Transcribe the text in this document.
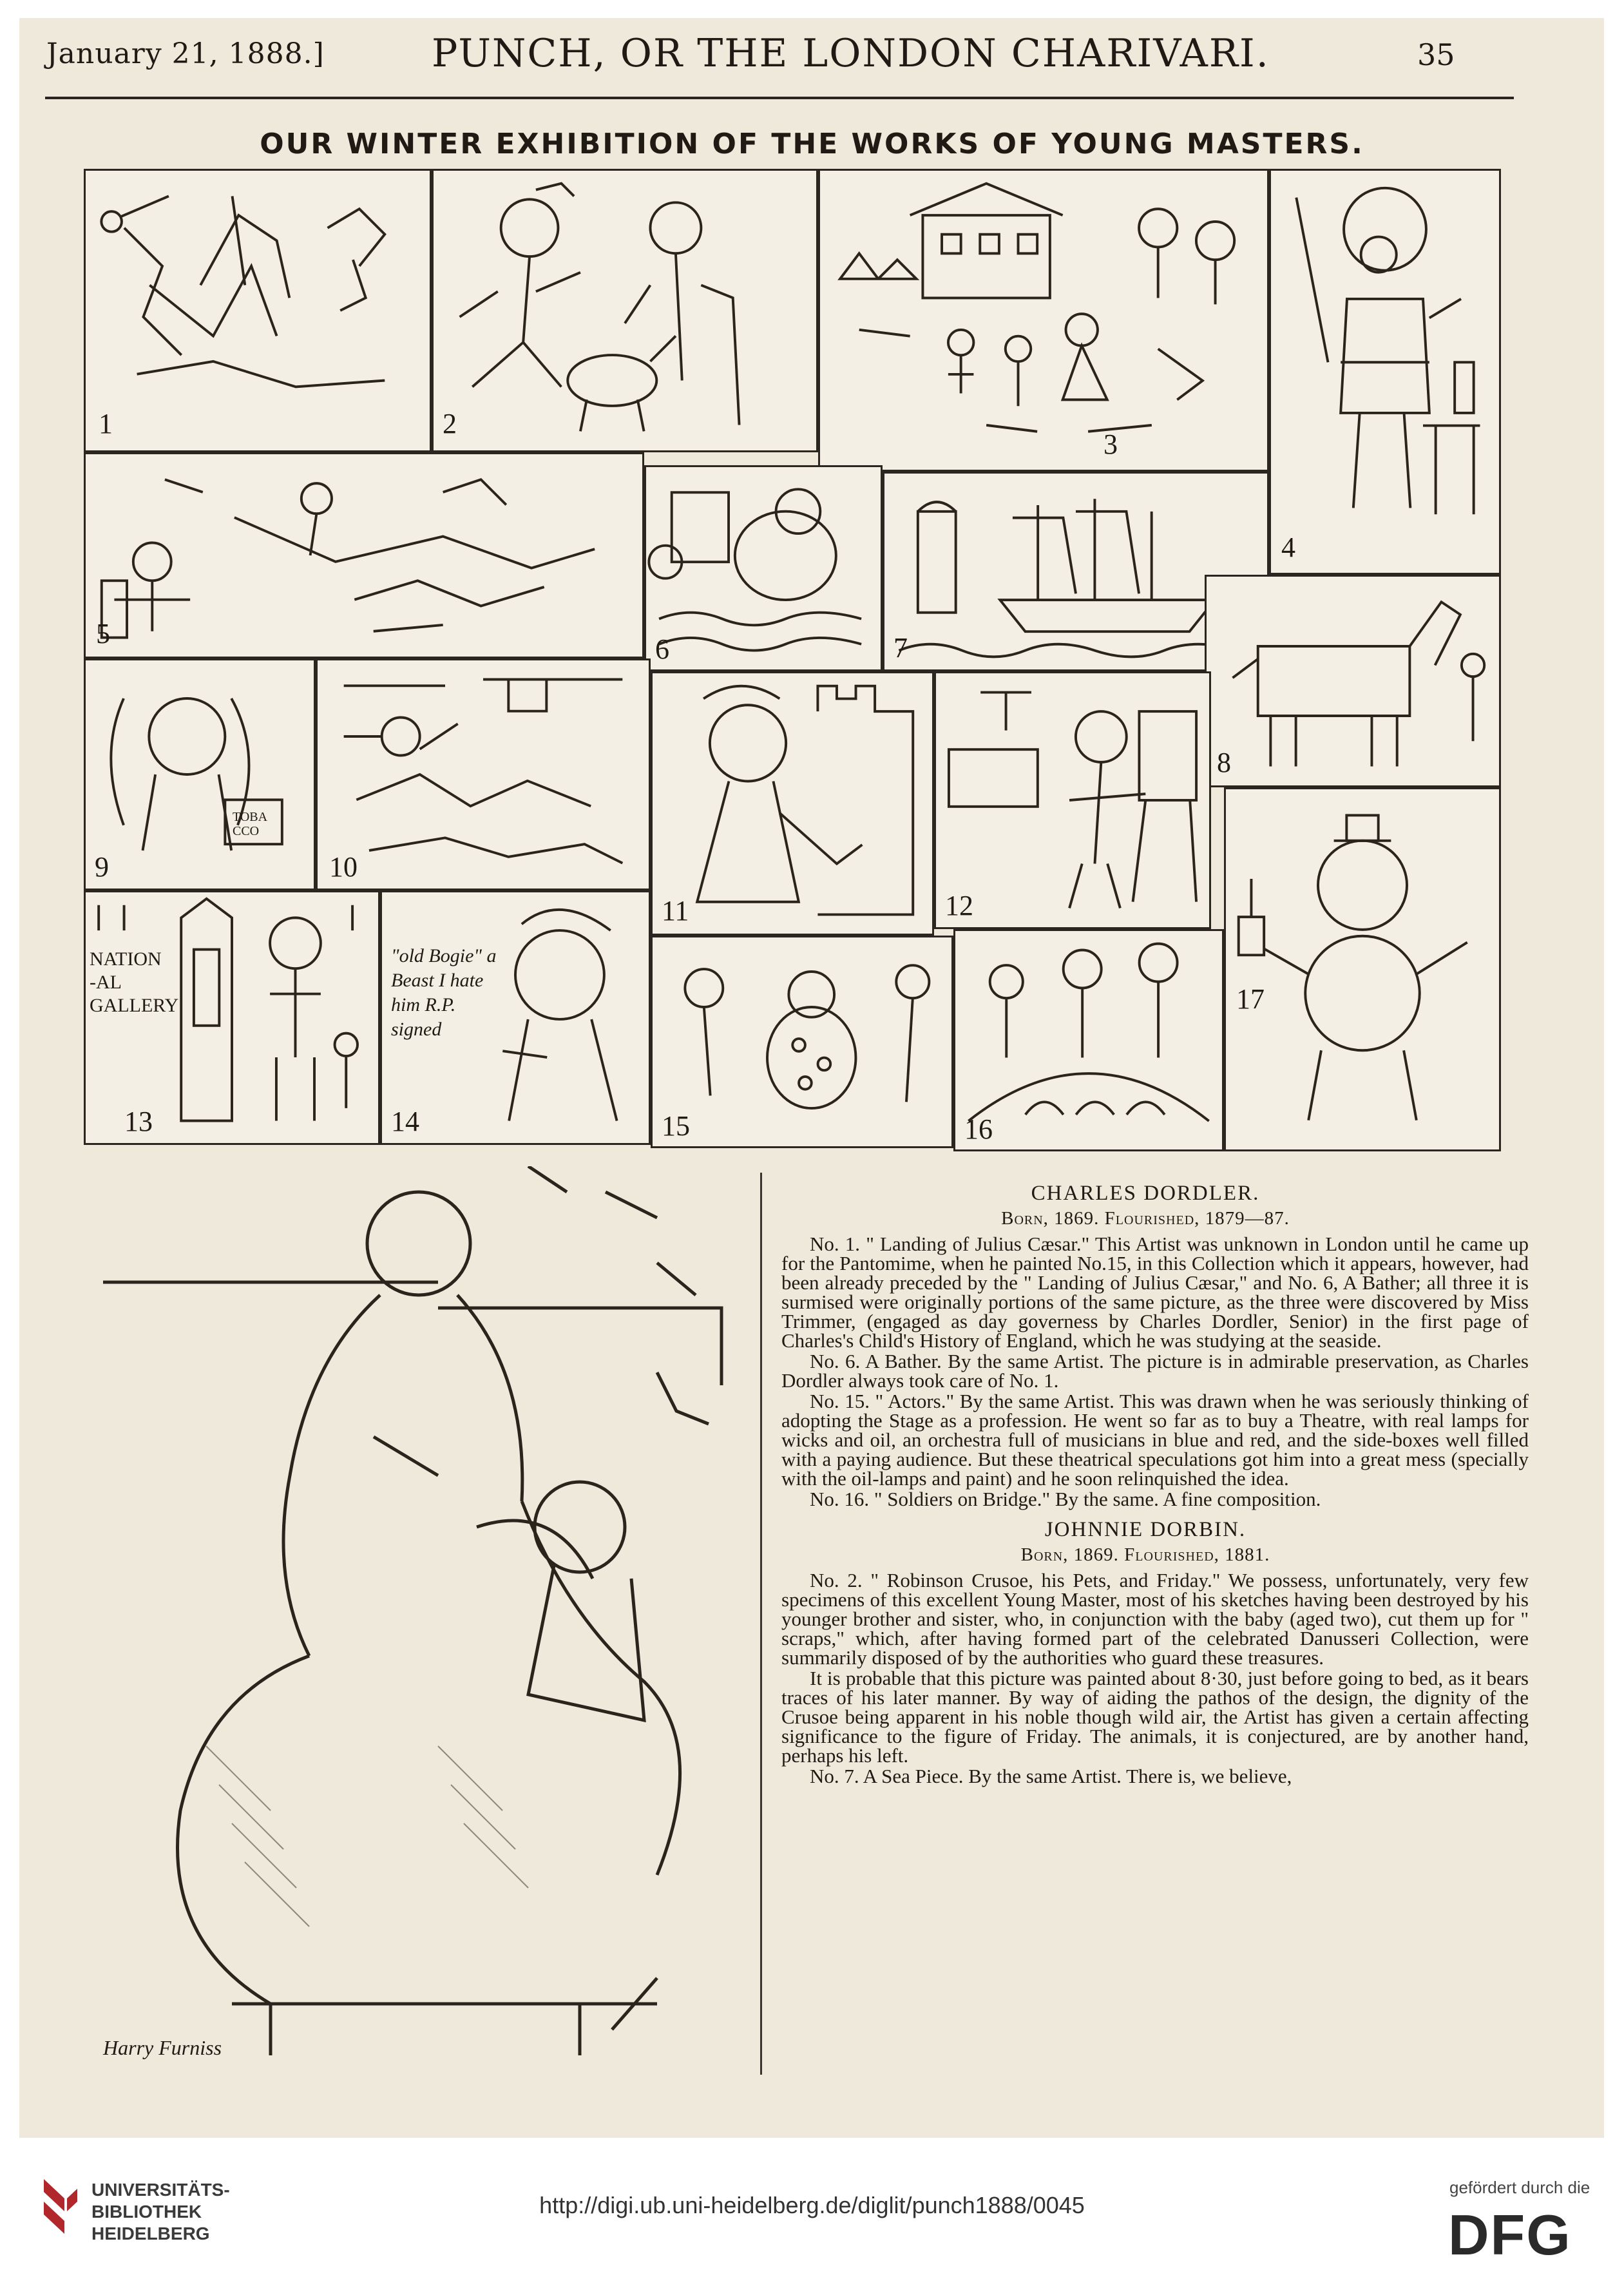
January 21, 1888.]	PUNCH, OR THE LONDON CHARIVARI.	35
OUR WINTER EXHIBITION OF THE WORKS OF YOUNG MASTERS.
1	2
3
4
5	6	7
8
TOBA CCO
9	10
11	12
NATION -AL GALLERY
13
"old Bogie" a Beast I hate him R.P. signed
14	15	16
17
Harry Furniss
CHARLES DORDLER.
Born, 1869. Flourished, 1879—87.

No. 1. " Landing of Julius Cæsar." This Artist was unknown in London until he came up for the Pantomime, when he painted No.15, in this Collection which it appears, however, had been already preceded by the " Landing of Julius Cæsar," and No. 6, A Bather; all three it is surmised were originally portions of the same picture, as the three were discovered by Miss Trimmer, (engaged as day governess by Charles Dordler, Senior) in the first page of Charles's Child's History of England, which he was studying at the seaside.

No. 6. A Bather. By the same Artist. The picture is in admirable preservation, as Charles Dordler always took care of No. 1.

No. 15. " Actors." By the same Artist. This was drawn when he was seriously thinking of adopting the Stage as a profession. He went so far as to buy a Theatre, with real lamps for wicks and oil, an orchestra full of musicians in blue and red, and the side-boxes well filled with a paying audience. But these theatrical speculations got him into a great mess (specially with the oil-lamps and paint) and he soon relinquished the idea.

No. 16. " Soldiers on Bridge." By the same. A fine composition.

JOHNNIE DORBIN.
Born, 1869. Flourished, 1881.

No. 2. " Robinson Crusoe, his Pets, and Friday." We possess, unfortunately, very few specimens of this excellent Young Master, most of his sketches having been destroyed by his younger brother and sister, who, in conjunction with the baby (aged two), cut them up for " scraps," which, after having formed part of the celebrated Danusseri Collection, were summarily disposed of by the authorities who guard these treasures.

It is probable that this picture was painted about 8·30, just before going to bed, as it bears traces of his later manner. By way of aiding the pathos of the design, the dignity of the Crusoe being apparent in his noble though wild air, the Artist has given a certain affecting significance to the figure of Friday. The animals, it is conjectured, are by another hand, perhaps his left.

No. 7. A Sea Piece. By the same Artist. There is, we believe,

UNIVERSITÄTS-
BIBLIOTHEK
HEIDELBERG
http://digi.ub.uni-heidelberg.de/diglit/punch1888/0045
gefördert durch die
DFG
